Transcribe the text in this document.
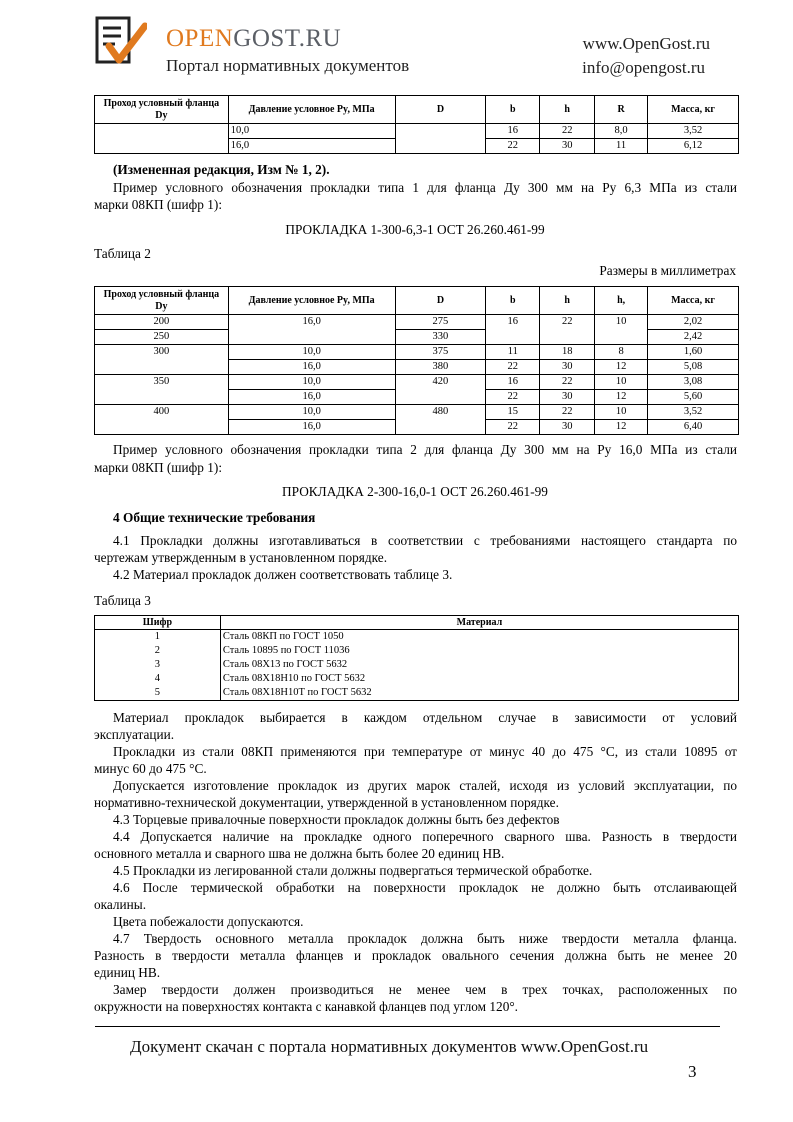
OPENGOST.RU
Портал нормативных документов
www.OpenGost.ru
info@opengost.ru
Проход условный фланца Dy	Давление условное Py, МПа	D	b	h	R	Масса, кг
	10,0		16	22	8,0	3,52
	16,0		22	30	11	6,12
(Измененная редакция, Изм № 1, 2).
Пример условного обозначения прокладки типа 1 для фланца Ду 300 мм на Ру 6,3 МПа из стали
марки 08КП (шифр 1):
ПРОКЛАДКА 1-300-6,3-1 ОСТ 26.260.461-99
Таблица 2
Размеры в миллиметрах
Проход условный фланца Dy	Давление условное Py, МПа	D	b	h	h,	Масса, кг
200	16,0	275	16	22	10	2,02
250		330				2,42
300	10,0	375	11	18	8	1,60
	16,0	380	22	30	12	5,08
350	10,0	420	16	22	10	3,08
	16,0		22	30	12	5,60
400	10,0	480	15	22	10	3,52
	16,0		22	30	12	6,40
Пример условного обозначения прокладки типа 2 для фланца Ду 300 мм на Ру 16,0 МПа из стали
марки 08КП (шифр 1):
ПРОКЛАДКА 2-300-16,0-1 ОСТ 26.260.461-99
4 Общие технические требования
4.1 Прокладки должны изготавливаться в соответствии с требованиями настоящего стандарта по
чертежам утвержденным в установленном порядке.
4.2 Материал прокладок должен соответствовать таблице 3.
Таблица 3
Шифр	Материал
1	Сталь 08КП по ГОСТ 1050
2	Сталь 10895 по ГОСТ 11036
3	Сталь 08Х13 по ГОСТ 5632
4	Сталь 08Х18Н10 по ГОСТ 5632
5	Сталь 08Х18Н10Т по ГОСТ 5632
Материал прокладок выбирается в каждом отдельном случае в зависимости от условий
эксплуатации.
Прокладки из стали 08КП применяются при температуре от минус 40 до 475 °С, из стали 10895 от
минус 60 до 475 °С.
Допускается изготовление прокладок из других марок сталей, исходя из условий эксплуатации, по
нормативно-технической документации, утвержденной в установленном порядке.
4.3 Торцевые привалочные поверхности прокладок должны быть без дефектов
4.4 Допускается наличие на прокладке одного поперечного сварного шва. Разность в твердости
основного металла и сварного шва не должна быть более 20 единиц НВ.
4.5 Прокладки из легированной стали должны подвергаться термической обработке.
4.6 После термической обработки на поверхности прокладок не должно быть отслаивающей
окалины.
Цвета побежалости допускаются.
4.7 Твердость основного металла прокладок должна быть ниже твердости металла фланца.
Разность в твердости металла фланцев и прокладок овального сечения должна быть не менее 20
единиц НВ.
Замер твердости должен производиться не менее чем в трех точках, расположенных по
окружности на поверхностях контакта с канавкой фланцев под углом 120°.
Документ скачан с портала нормативных документов www.OpenGost.ru
3
